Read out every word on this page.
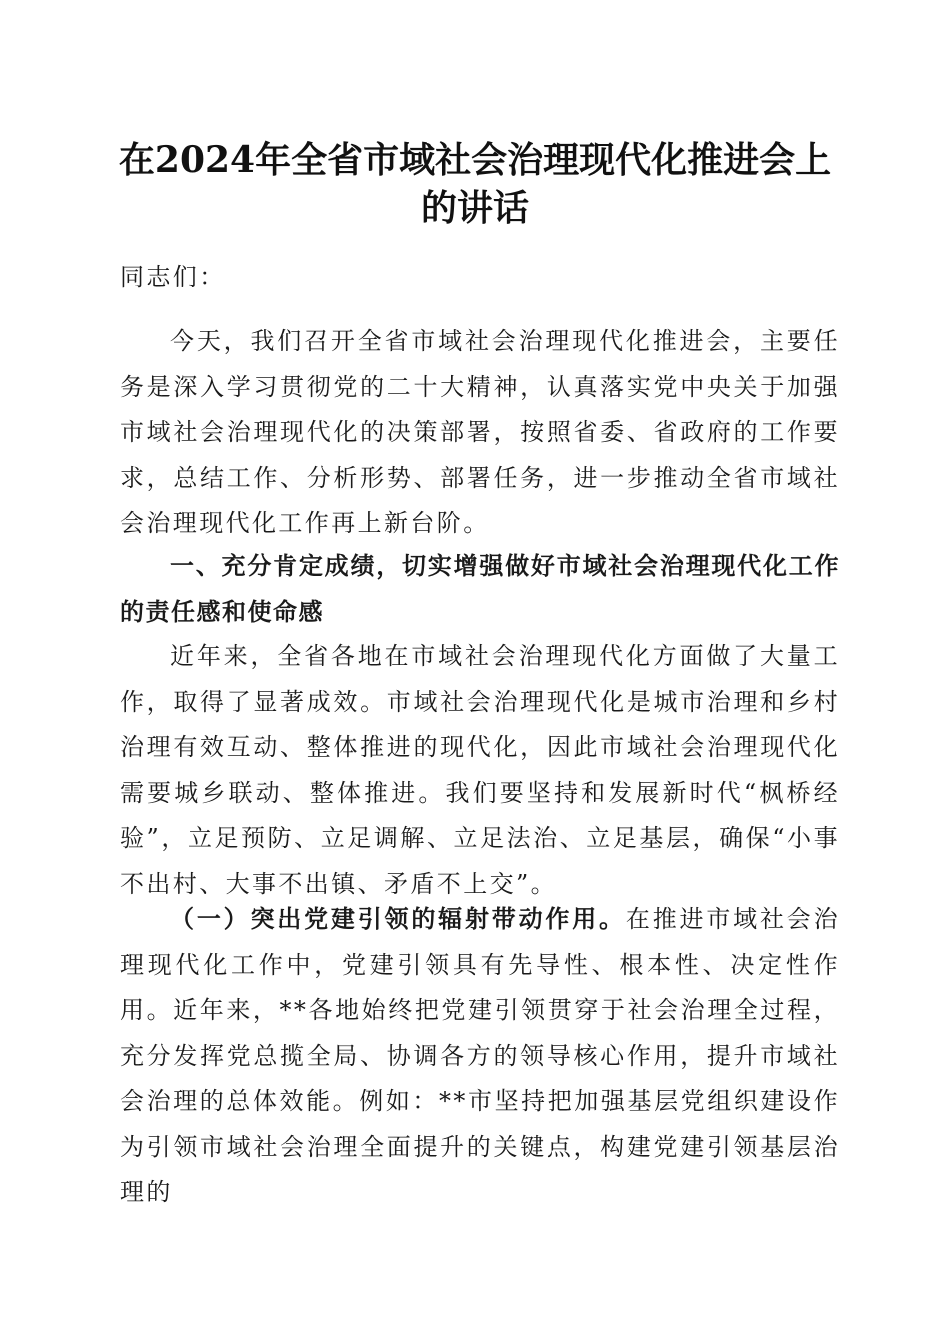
在2024年全省市域社会治理现代化推进会上
的讲话

同志们：

今天，我们召开全省市域社会治理现代化推进会，主要任务是深入学习贯彻党的二十大精神，认真落实党中央关于加强市域社会治理现代化的决策部署，按照省委、省政府的工作要求，总结工作、分析形势、部署任务，进一步推动全省市域社会治理现代化工作再上新台阶。

一、充分肯定成绩，切实增强做好市域社会治理现代化工作的责任感和使命感

近年来，全省各地在市域社会治理现代化方面做了大量工作，取得了显著成效。市域社会治理现代化是城市治理和乡村治理有效互动、整体推进的现代化，因此市域社会治理现代化需要城乡联动、整体推进。我们要坚持和发展新时代“枫桥经验”，立足预防、立足调解、立足法治、立足基层，确保“小事不出村、大事不出镇、矛盾不上交”。

（一）突出党建引领的辐射带动作用。在推进市域社会治理现代化工作中，党建引领具有先导性、根本性、决定性作用。近年来，**各地始终把党建引领贯穿于社会治理全过程，充分发挥党总揽全局、协调各方的领导核心作用，提升市域社会治理的总体效能。例如：**市坚持把加强基层党组织建设作为引领市域社会治理全面提升的关键点，构建党建引领基层治理的
